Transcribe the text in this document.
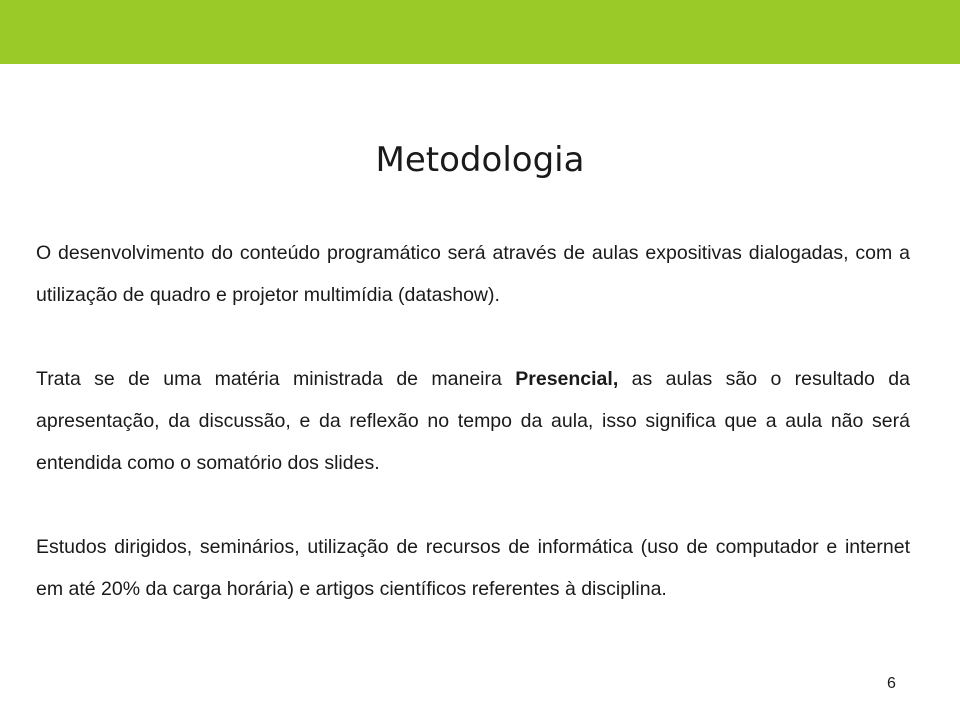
Metodologia

O desenvolvimento do conteúdo programático será através de aulas expositivas dialogadas, com a utilização de quadro e projetor multimídia (datashow).

Trata se de uma matéria ministrada de maneira Presencial, as aulas são o resultado da apresentação, da discussão, e da reflexão no tempo da aula, isso significa que a aula não será entendida como o somatório dos slides.

Estudos dirigidos, seminários, utilização de recursos de informática (uso de computador e internet em até 20% da carga horária) e artigos científicos referentes à disciplina.

6
